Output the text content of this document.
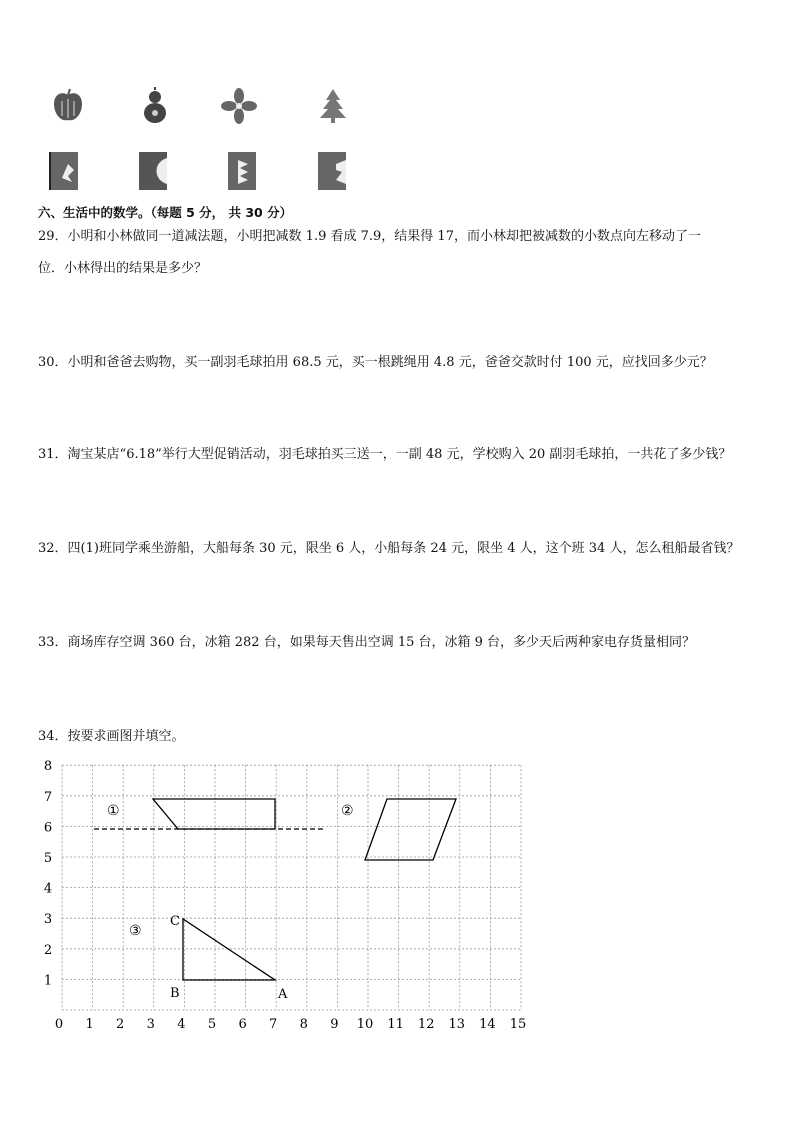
六、生活中的数学。（每题 5 分， 共 30 分）
29．小明和小林做同一道减法题，小明把减数 1.9 看成 7.9，结果得 17，而小林却把被减数的小数点向左移动了一
位．小林得出的结果是多少？
30．小明和爸爸去购物，买一副羽毛球拍用 68.5 元，买一根跳绳用 4.8 元，爸爸交款时付 100 元，应找回多少元？
31．淘宝某店“6.18”举行大型促销活动，羽毛球拍买三送一，一副 48 元，学校购入 20 副羽毛球拍，一共花了多少钱？
32．四(1)班同学乘坐游船，大船每条 30 元，限坐 6 人，小船每条 24 元，限坐 4 人，这个班 34 人，怎么租船最省钱？
33．商场库存空调 360 台，冰箱 282 台，如果每天售出空调 15 台，冰箱 9 台，多少天后两种家电存货量相同？
34．按要求画图并填空。
0 1 2 3 4 5 6 7 8 9 10 11 12 13 14 15
1
2
3
4
5
6
7
8
①	②
③
C
B	A
